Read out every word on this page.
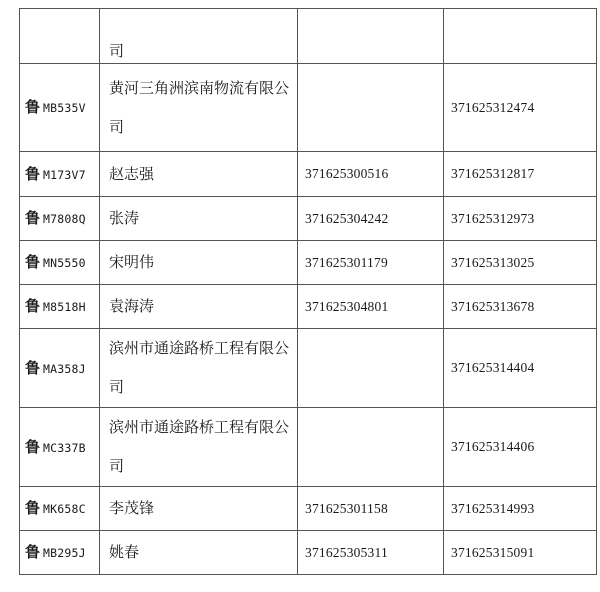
	司		

鲁 MB535V	黄河三角洲滨南物流有限公
司		371625312474
鲁 M173V7	赵志强	371625300516	371625312817
鲁 M7808Q	张涛	371625304242	371625312973
鲁 MN5550	宋明伟	371625301179	371625313025
鲁 M8518H	袁海涛	371625304801	371625313678
鲁 MA358J	滨州市通途路桥工程有限公
司		371625314404
鲁 MC337B	滨州市通途路桥工程有限公
司		371625314406
鲁 MK658C	李茂锋	371625301158	371625314993
鲁 MB295J	姚春	371625305311	371625315091
